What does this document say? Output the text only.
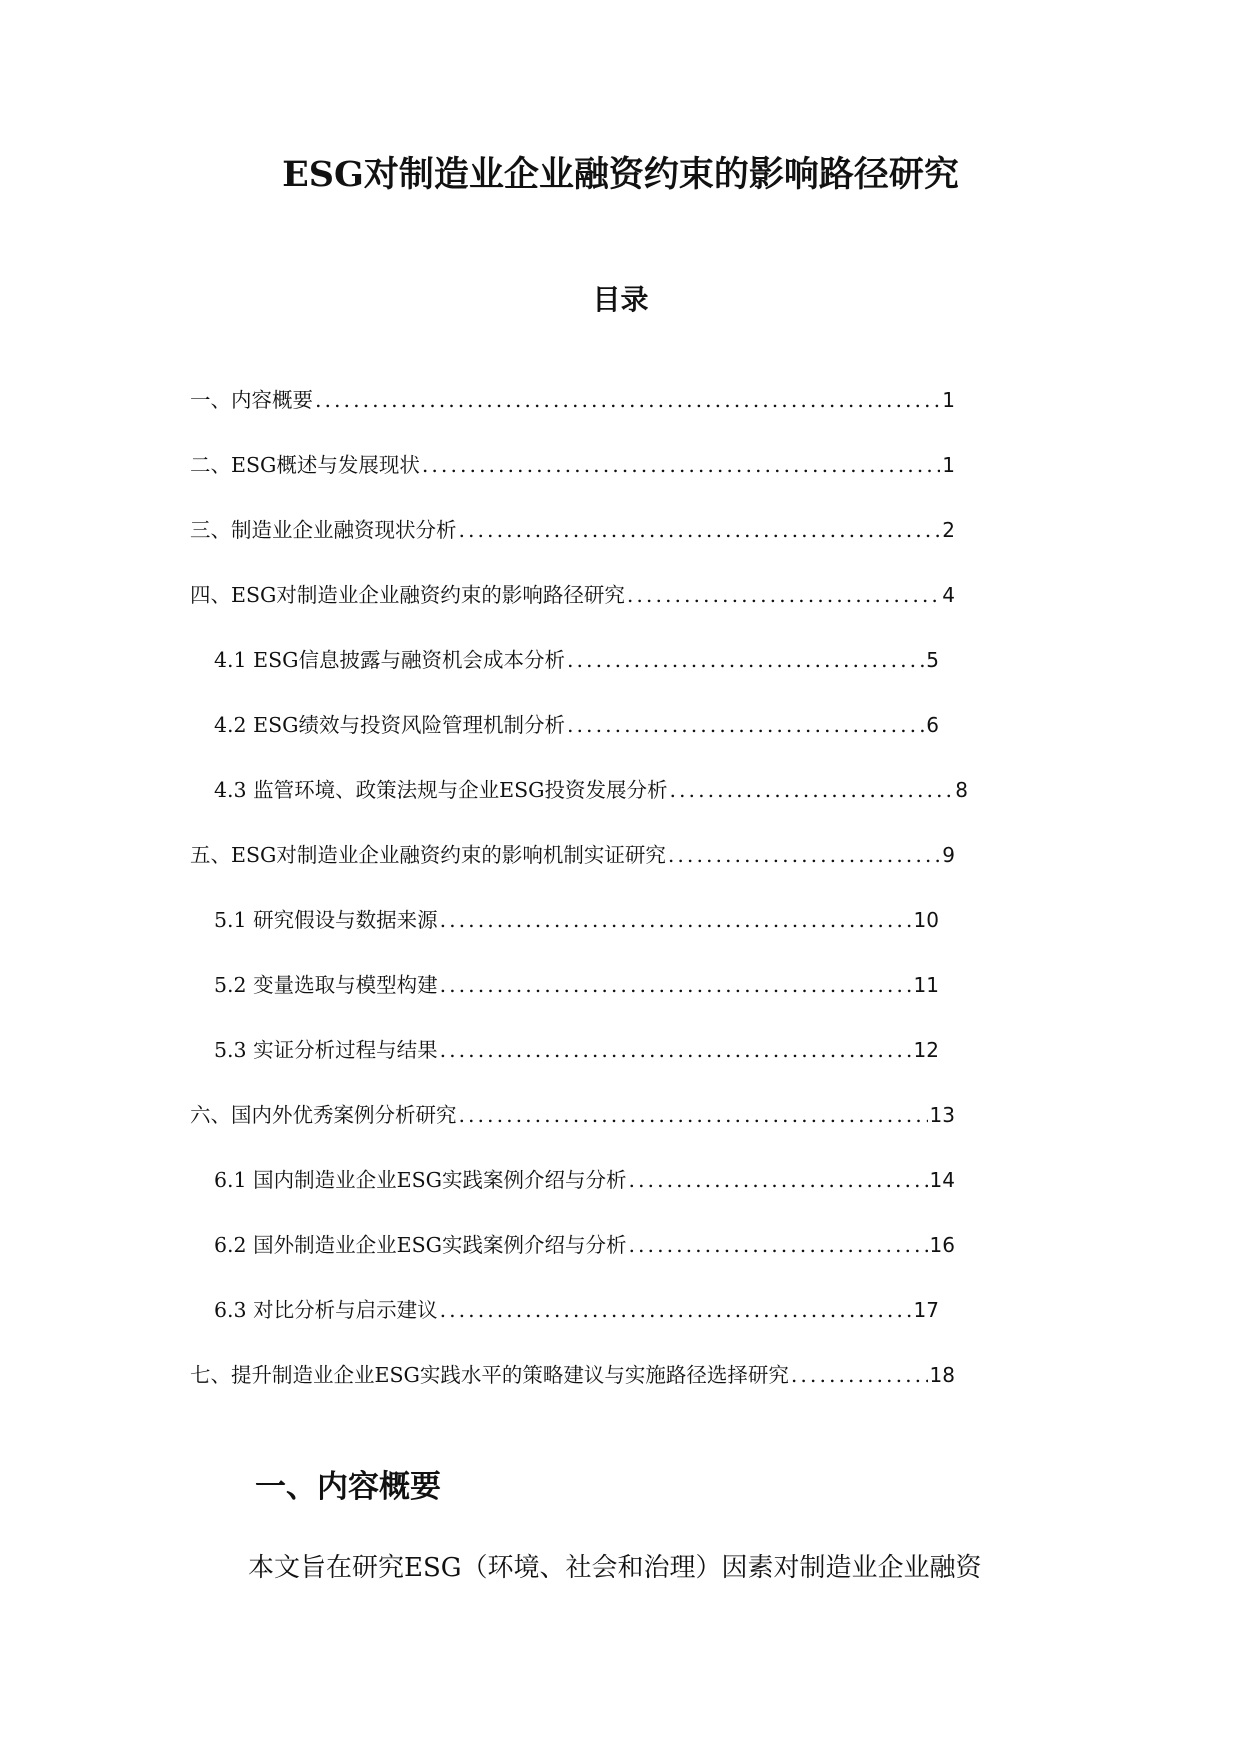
ESG对制造业企业融资约束的影响路径研究
目录
一、内容概要 .....	1
二、ESG概述与发展现状 .....	1
三、制造业企业融资现状分析 .....	2
四、ESG对制造业企业融资约束的影响路径研究 .....	4
4.1 ESG信息披露与融资机会成本分析 .....	5
4.2 ESG绩效与投资风险管理机制分析 .....	6
4.3 监管环境、政策法规与企业ESG投资发展分析 .....	8
五、ESG对制造业企业融资约束的影响机制实证研究 .....	9
5.1 研究假设与数据来源 .....	10
5.2 变量选取与模型构建 .....	11
5.3 实证分析过程与结果 .....	12
六、国内外优秀案例分析研究 .....	13
6.1 国内制造业企业ESG实践案例介绍与分析 .....	14
6.2 国外制造业企业ESG实践案例介绍与分析 .....	16
6.3 对比分析与启示建议 .....	17
七、提升制造业企业ESG实践水平的策略建议与实施路径选择研究 .....	18
一、内容概要

本文旨在研究ESG（环境、社会和治理）因素对制造业企业融资
